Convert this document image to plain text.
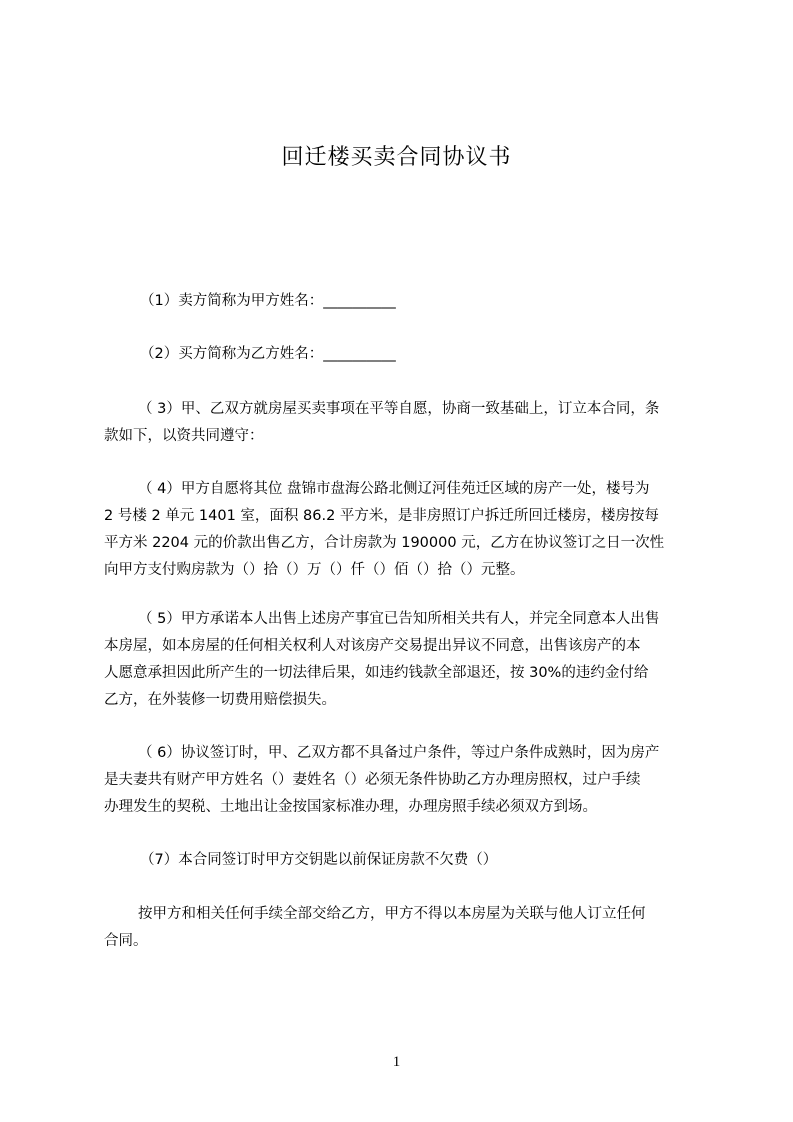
回迁楼买卖合同协议书
（1）卖方简称为甲方姓名：__________
（2）买方简称为乙方姓名：__________
（ 3）甲、乙双方就房屋买卖事项在平等自愿，协商一致基础上，订立本合同，条
款如下，以资共同遵守：
（ 4）甲方自愿将其位 盘锦市盘海公路北侧辽河佳苑迁区域的房产一处，楼号为
2 号楼 2 单元 1401 室，面积 86.2 平方米，是非房照订户拆迁所回迁楼房，楼房按每
平方米 2204 元的价款出售乙方，合计房款为 190000 元，乙方在协议签订之日一次性
向甲方支付购房款为（）拾（）万（）仟（）佰（）拾（）元整。
（ 5）甲方承诺本人出售上述房产事宜已告知所相关共有人，并完全同意本人出售
本房屋，如本房屋的任何相关权利人对该房产交易提出异议不同意，出售该房产的本
人愿意承担因此所产生的一切法律后果，如违约钱款全部退还，按 30%的违约金付给
乙方，在外装修一切费用赔偿损失。
（ 6）协议签订时，甲、乙双方都不具备过户条件，等过户条件成熟时，因为房产
是夫妻共有财产甲方姓名（）妻姓名（）必须无条件协助乙方办理房照权，过户手续
办理发生的契税、土地出让金按国家标准办理，办理房照手续必须双方到场。
（7）本合同签订时甲方交钥匙以前保证房款不欠费（）
按甲方和相关任何手续全部交给乙方，甲方不得以本房屋为关联与他人订立任何
合同。
1
